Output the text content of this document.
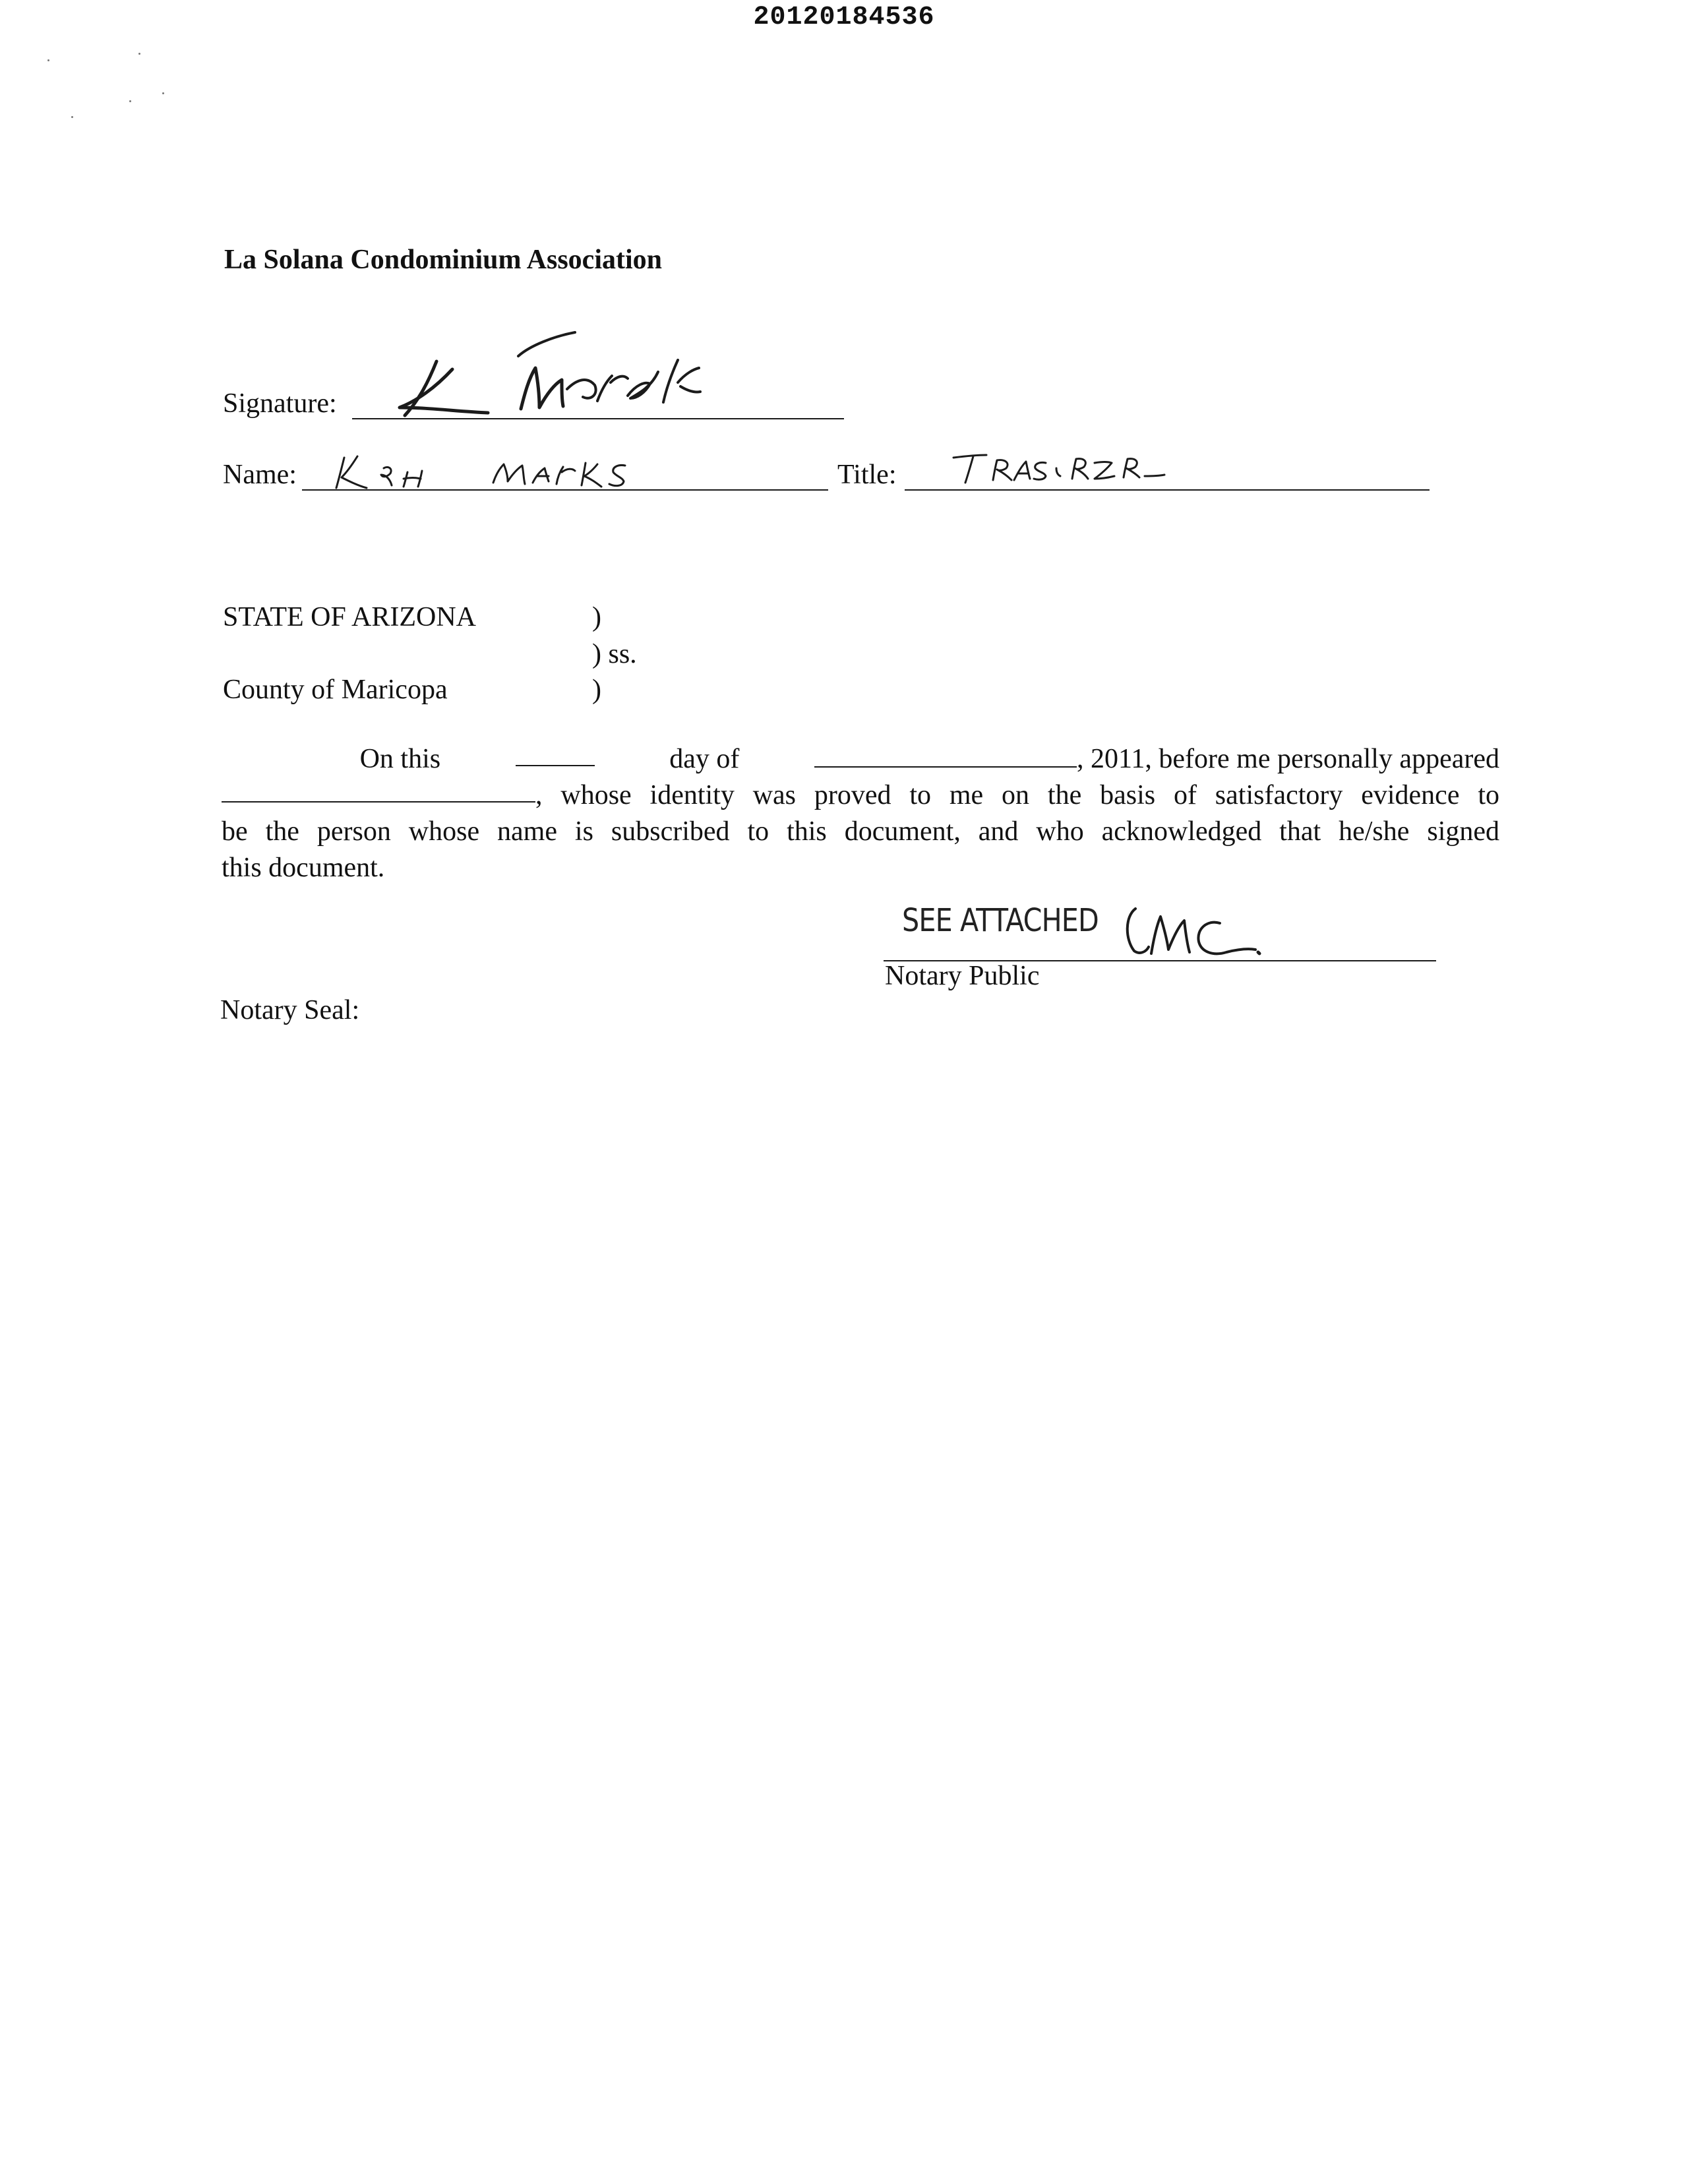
20120184536
La Solana Condominium Association
Signature:
Name:	Title:
STATE OF ARIZONA	)
) ss.
County of Maricopa	)
On this	day of	, 2011, before me personally appeared
, whose identity was proved to me on the basis of satisfactory evidence to
be the person whose name is subscribed to this document, and who acknowledged that he/she signed
this document.
SEE ATTACHED
Notary Public
Notary Seal:
